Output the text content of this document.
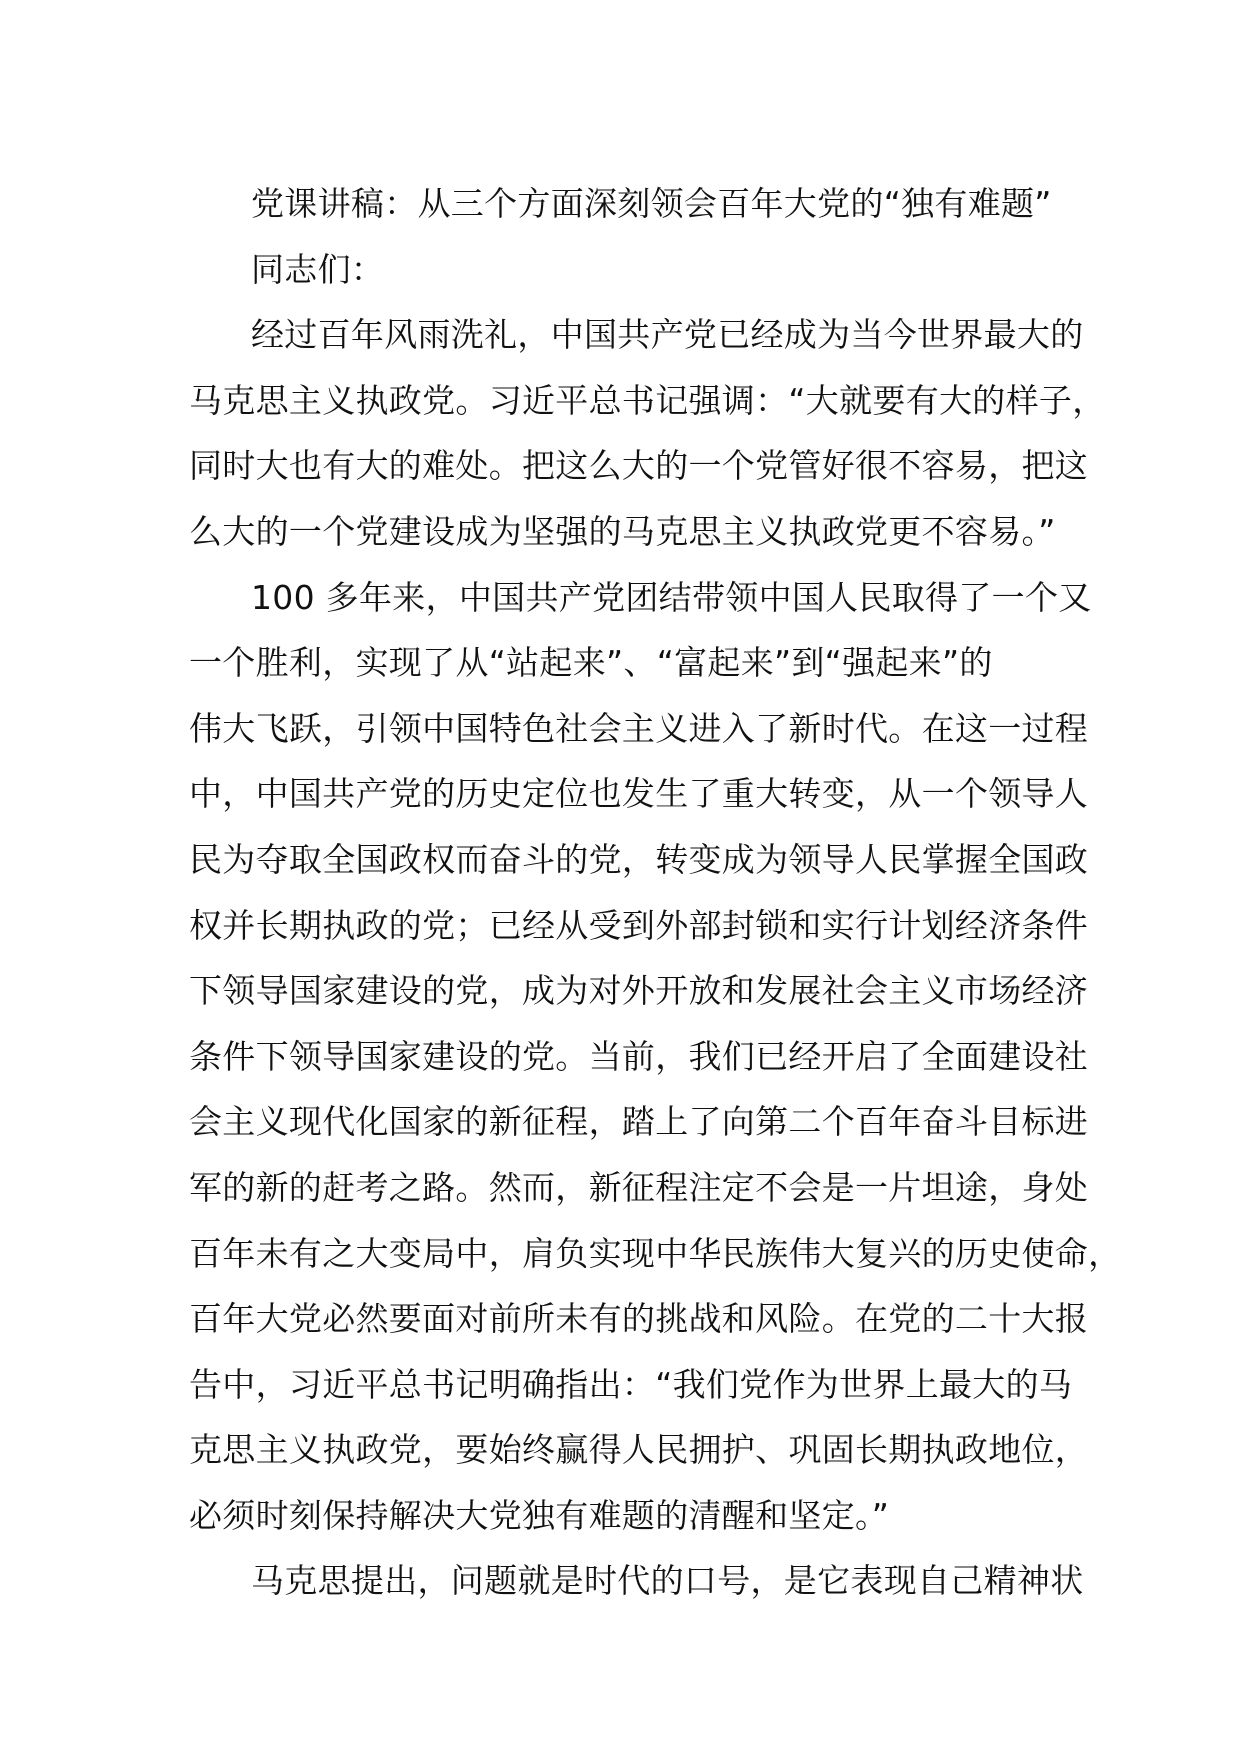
党课讲稿：从三个方面深刻领会百年大党的“独有难题”
同志们：
经过百年风雨洗礼，中国共产党已经成为当今世界最大的
马克思主义执政党。习近平总书记强调：“大就要有大的样子，
同时大也有大的难处。把这么大的一个党管好很不容易，把这
么大的一个党建设成为坚强的马克思主义执政党更不容易。”
100 多年来，中国共产党团结带领中国人民取得了一个又
一个胜利，实现了从“站起来”、“富起来”到“强起来”的
伟大飞跃，引领中国特色社会主义进入了新时代。在这一过程
中，中国共产党的历史定位也发生了重大转变，从一个领导人
民为夺取全国政权而奋斗的党，转变成为领导人民掌握全国政
权并长期执政的党；已经从受到外部封锁和实行计划经济条件
下领导国家建设的党，成为对外开放和发展社会主义市场经济
条件下领导国家建设的党。当前，我们已经开启了全面建设社
会主义现代化国家的新征程，踏上了向第二个百年奋斗目标进
军的新的赶考之路。然而，新征程注定不会是一片坦途，身处
百年未有之大变局中，肩负实现中华民族伟大复兴的历史使命，
百年大党必然要面对前所未有的挑战和风险。在党的二十大报
告中，习近平总书记明确指出：“我们党作为世界上最大的马
克思主义执政党，要始终赢得人民拥护、巩固长期执政地位，
必须时刻保持解决大党独有难题的清醒和坚定。”
马克思提出，问题就是时代的口号，是它表现自己精神状
